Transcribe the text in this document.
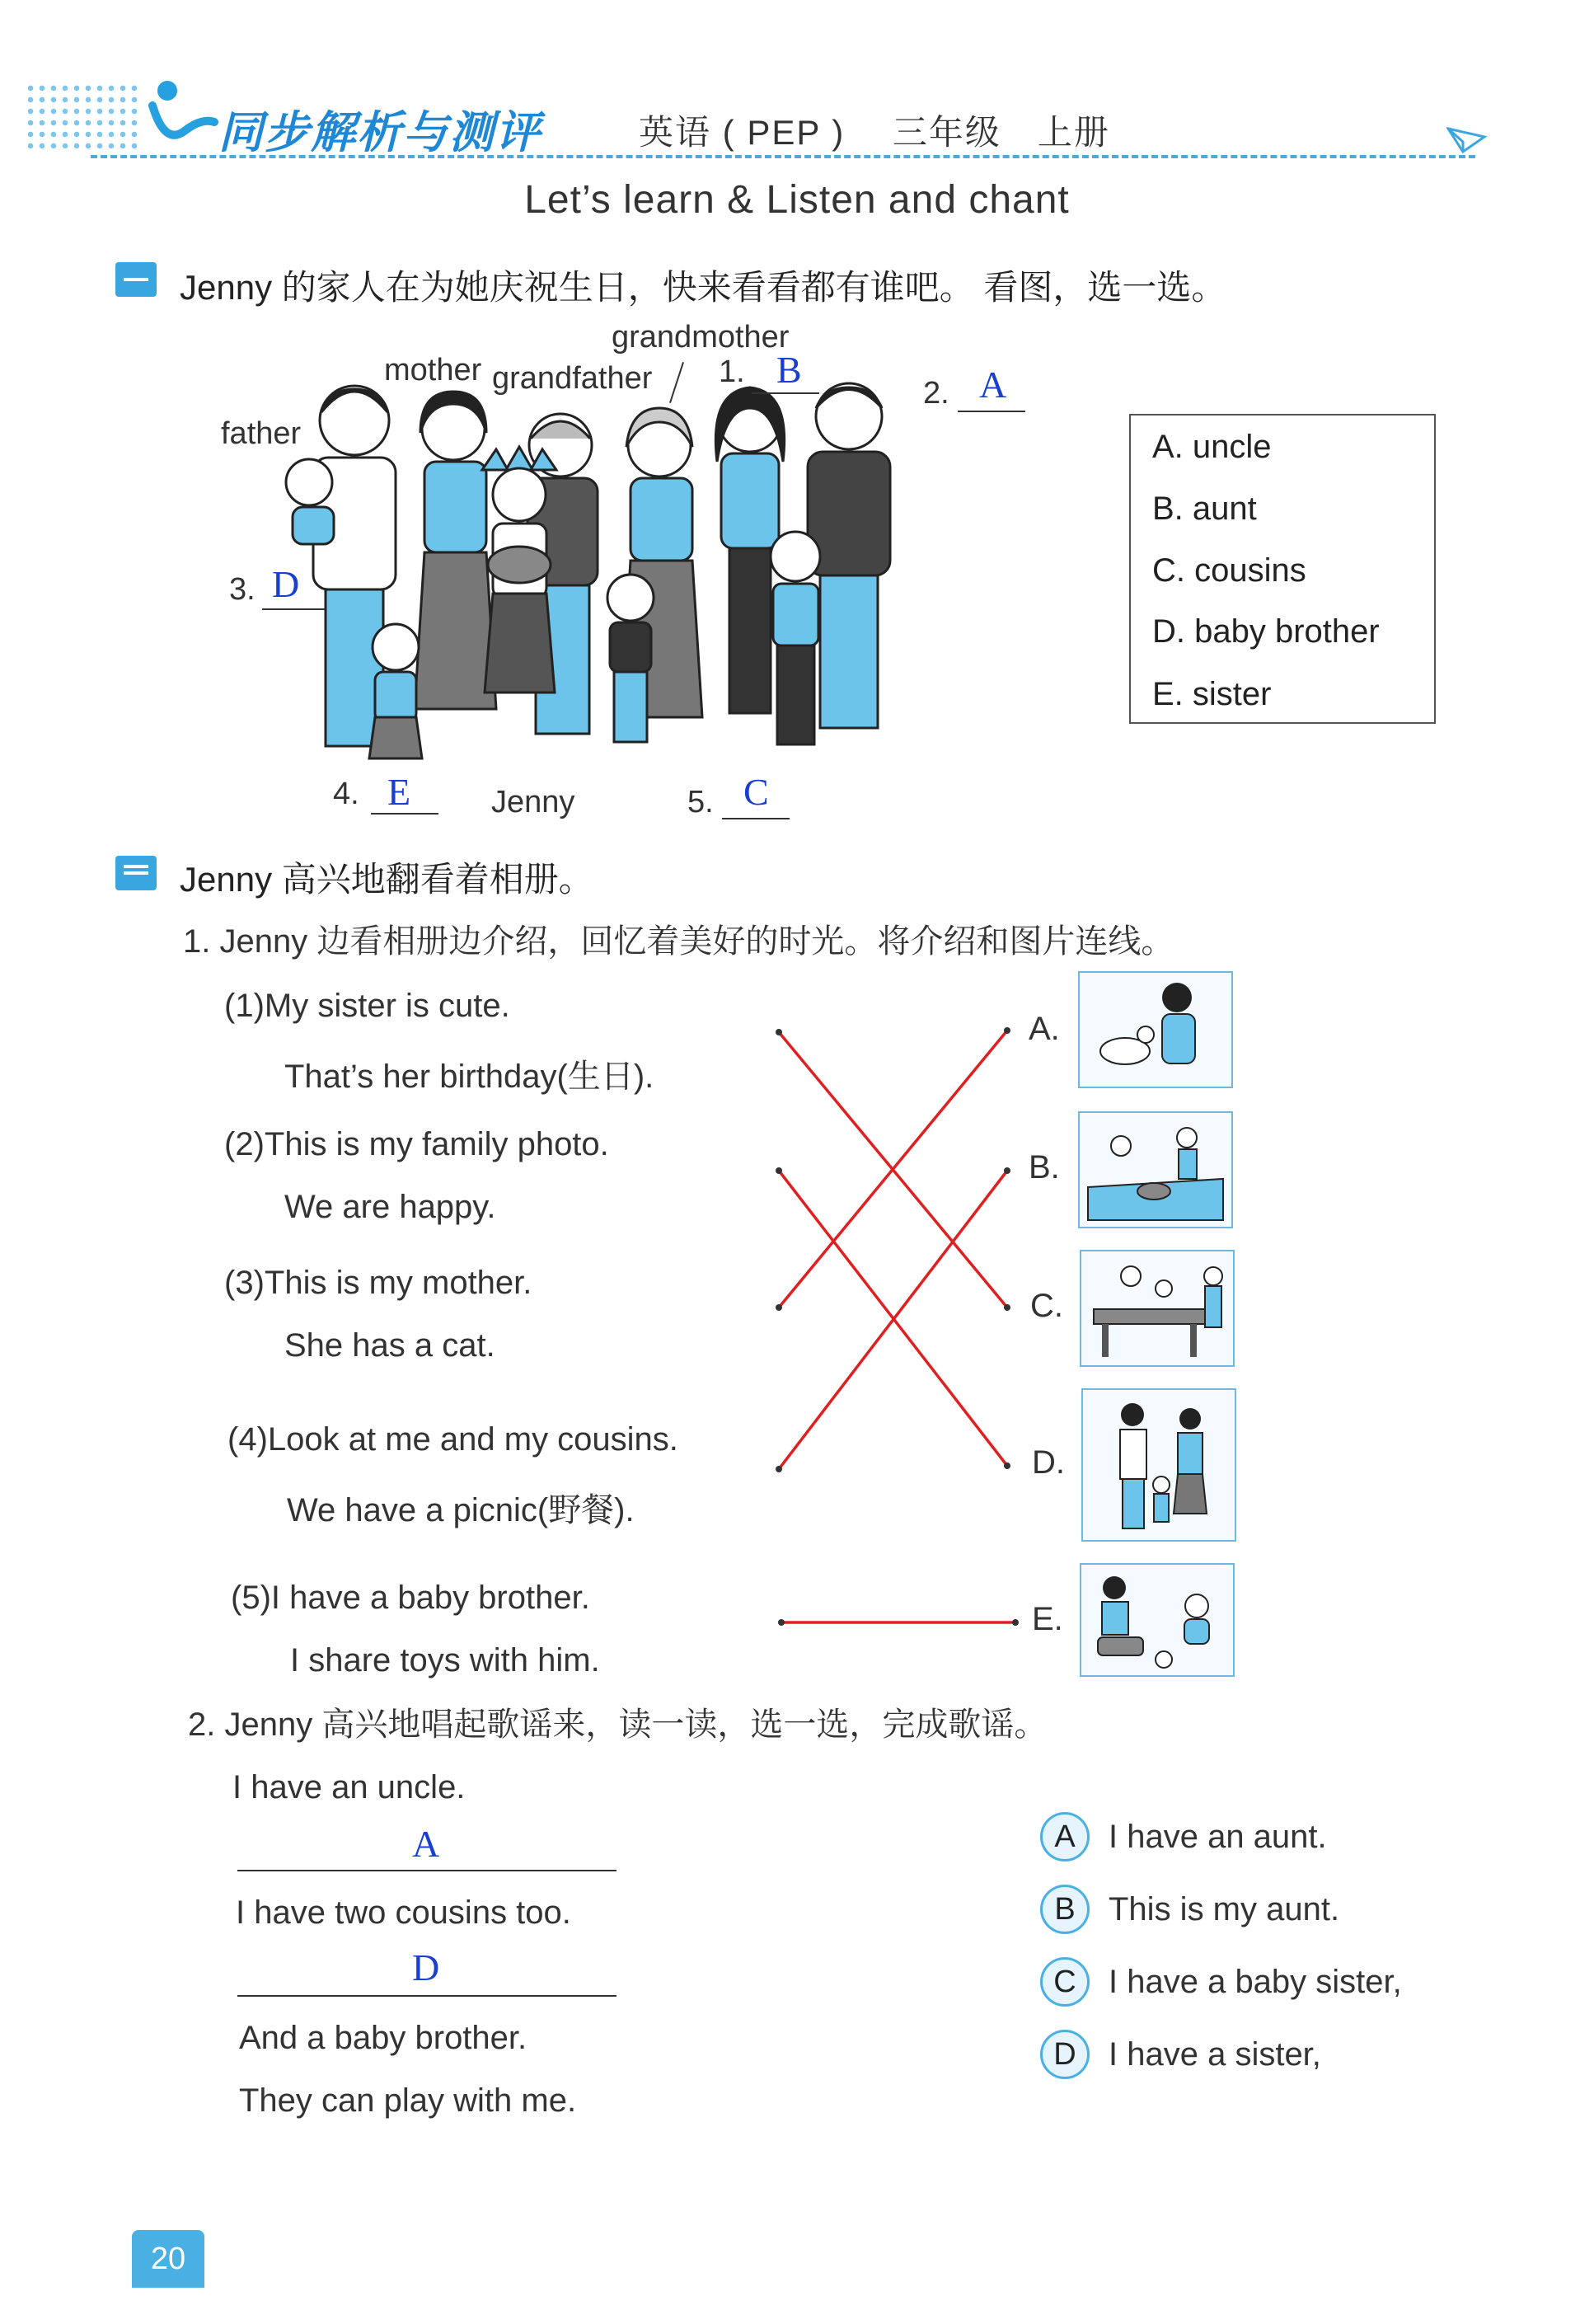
同步解析与测评	英语 ( PEP )　 三年级　上册
Let’s learn & Listen and chant
Jenny 的家人在为她庆祝生日，快来看看都有谁吧。 看图，选一选。
father
mother grandfather
grandmother
Jenny
1. B
2. A
3. D
4. E	5. C
A. uncle
B. aunt
C. cousins
D. baby brother
E. sister
Jenny 高兴地翻看着相册。
1. Jenny 边看相册边介绍，回忆着美好的时光。将介绍和图片连线。
(1)My sister is cute.
That’s her birthday(生日).
(2)This is my family photo.
We are happy.
(3)This is my mother.
She has a cat.
(4)Look at me and my cousins.
We have a picnic(野餐).
(5)I have a baby brother.
I share toys with him.
A.
B.
C.
D.
E.
2. Jenny 高兴地唱起歌谣来，读一读，选一选，完成歌谣。
I have an uncle.
A
I have two cousins too.
D
And a baby brother.
They can play with me.
A	I have an aunt.
B	This is my aunt.
C I have a baby sister,
D I have a sister,
20
